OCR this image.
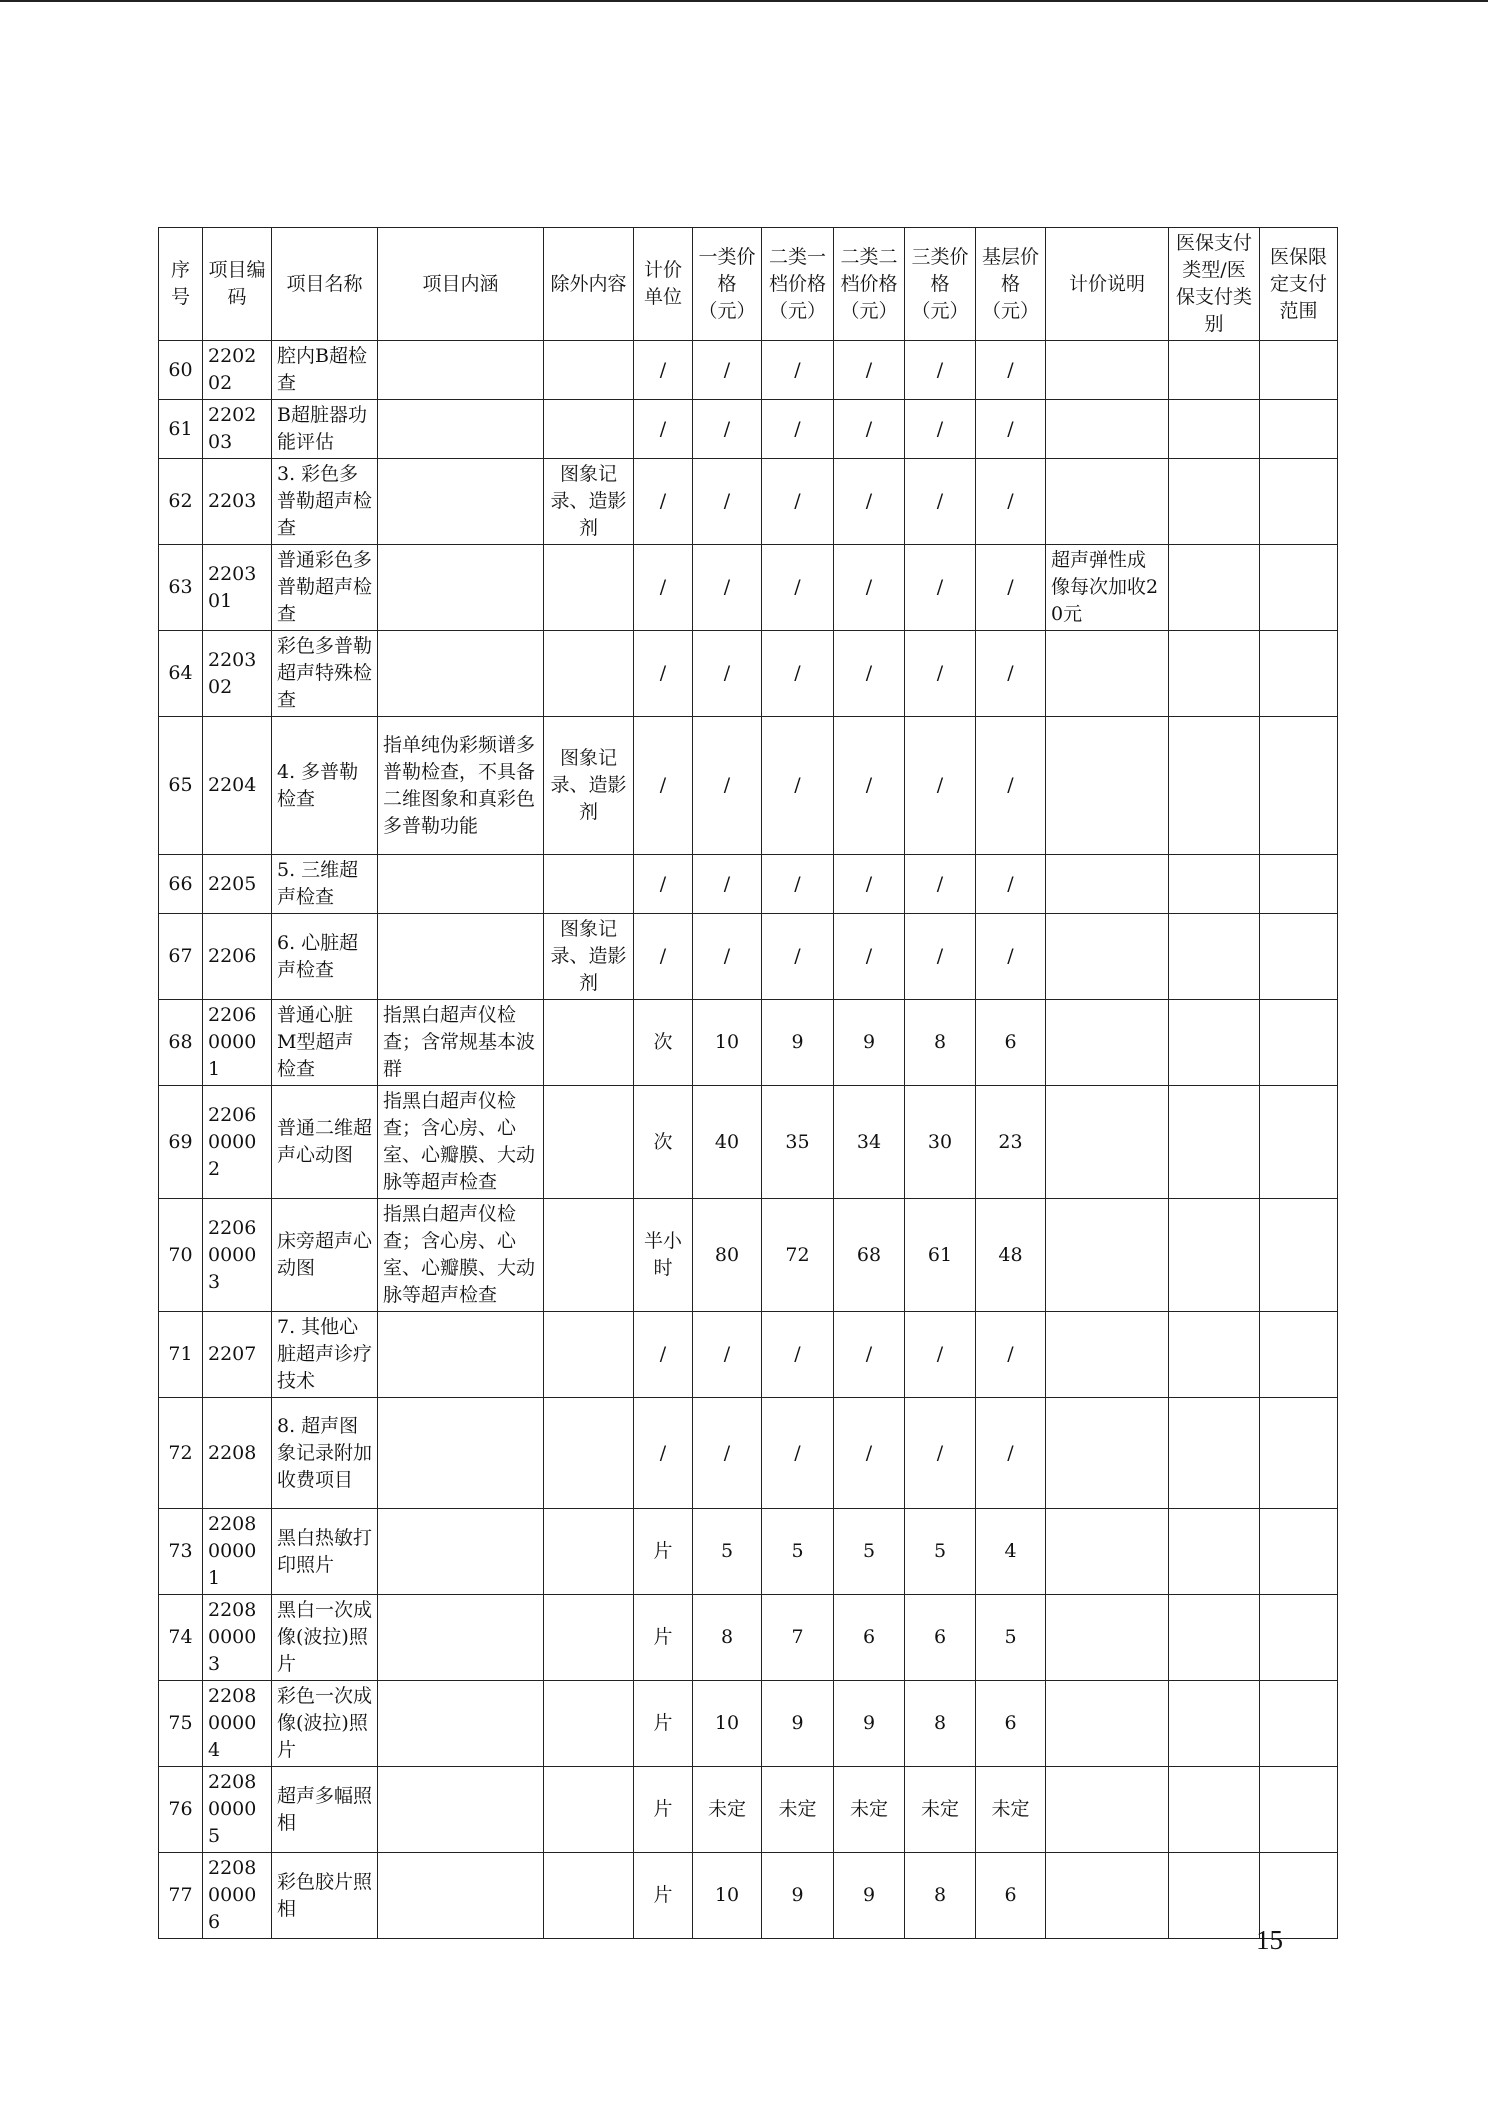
序号	项目编码	项目名称	项目内涵	除外内容	计价单位	一类价格（元）	二类一档价格（元）	二类二档价格（元）	三类价格（元）	基层价格（元）	计价说明	医保支付类型/医保支付类别	医保限定支付范围
60	220202	腔内B超检查			/	/	/	/	/	/			
61	220203	B超脏器功能评估			/	/	/	/	/	/			
62	2203	3. 彩色多普勒超声检查		图象记录、造影剂	/	/	/	/	/	/			
63	220301	普通彩色多普勒超声检查			/	/	/	/	/	/	超声弹性成像每次加收20元		
64	220302	彩色多普勒超声特殊检查			/	/	/	/	/	/			
65	2204	4. 多普勒检查	指单纯伪彩频谱多普勒检查，不具备二维图象和真彩色多普勒功能	图象记录、造影剂	/	/	/	/	/	/			
66	2205	5. 三维超声检查			/	/	/	/	/	/			
67	2206	6. 心脏超声检查		图象记录、造影剂	/	/	/	/	/	/			
68	220600001	普通心脏M型超声检查	指黑白超声仪检查；含常规基本波群		次	10	9	9	8	6			
69	220600002	普通二维超声心动图	指黑白超声仪检查；含心房、心室、心瓣膜、大动脉等超声检查		次	40	35	34	30	23			
70	220600003	床旁超声心动图	指黑白超声仪检查；含心房、心室、心瓣膜、大动脉等超声检查		半小时	80	72	68	61	48			
71	2207	7. 其他心脏超声诊疗技术			/	/	/	/	/	/			
72	2208	8. 超声图象记录附加收费项目			/	/	/	/	/	/			
73	220800001	黑白热敏打印照片			片	5	5	5	5	4			
74	220800003	黑白一次成像(波拉)照片			片	8	7	6	6	5			
75	220800004	彩色一次成像(波拉)照片			片	10	9	9	8	6			
76	220800005	超声多幅照相			片	未定	未定	未定	未定	未定			
77	220800006	彩色胶片照相			片	10	9	9	8	6			
15
